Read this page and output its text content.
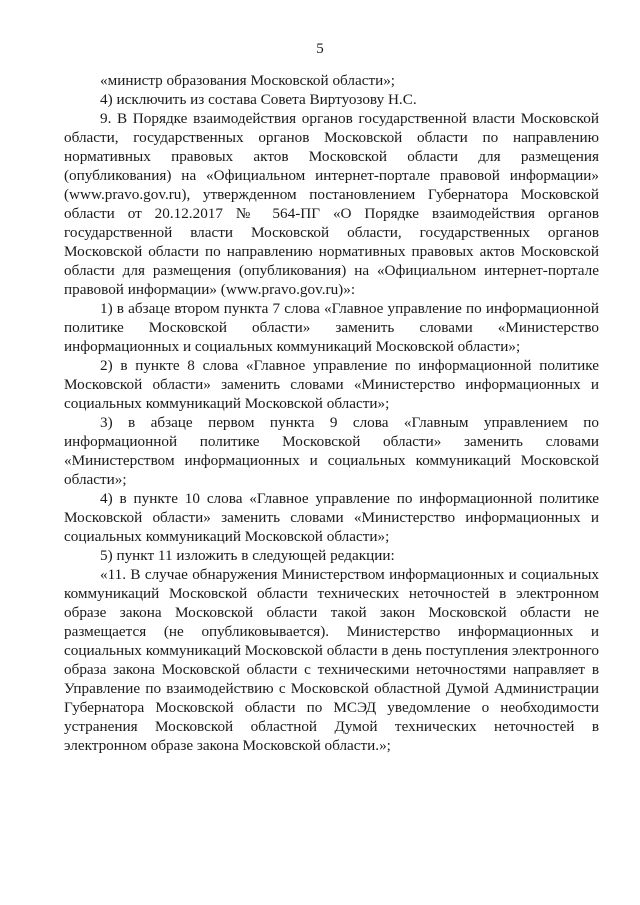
5

«министр образования Московской области»;

4) исключить из состава Совета Виртуозову Н.С.

9. В Порядке взаимодействия органов государственной власти Московской области, государственных органов Московской области по направлению нормативных правовых актов Московской области для размещения (опубликования) на «Официальном интернет-портале правовой информации» (www.pravo.gov.ru), утвержденном постановлением Губернатора Московской области от 20.12.2017 № 564-ПГ «О Порядке взаимодействия органов государственной власти Московской области, государственных органов Московской области по направлению нормативных правовых актов Московской области для размещения (опубликования) на «Официальном интернет-портале правовой информации» (www.pravo.gov.ru)»:

1) в абзаце втором пункта 7 слова «Главное управление по информационной политике Московской области» заменить словами «Министерство информационных и социальных коммуникаций Московской области»;

2) в пункте 8 слова «Главное управление по информационной политике Московской области» заменить словами «Министерство информационных и социальных коммуникаций Московской области»;

3) в абзаце первом пункта 9 слова «Главным управлением по информационной политике Московской области» заменить словами «Министерством информационных и социальных коммуникаций Московской области»;

4) в пункте 10 слова «Главное управление по информационной политике Московской области» заменить словами «Министерство информационных и социальных коммуникаций Московской области»;

5) пункт 11 изложить в следующей редакции:

«11. В случае обнаружения Министерством информационных и социальных коммуникаций Московской области технических неточностей в электронном образе закона Московской области такой закон Московской области не размещается (не опубликовывается). Министерство информационных и социальных коммуникаций Московской области в день поступления электронного образа закона Московской области с техническими неточностями направляет в Управление по взаимодействию с Московской областной Думой Администрации Губернатора Московской области по МСЭД уведомление о необходимости устранения Московской областной Думой технических неточностей в электронном образе закона Московской области.»;
